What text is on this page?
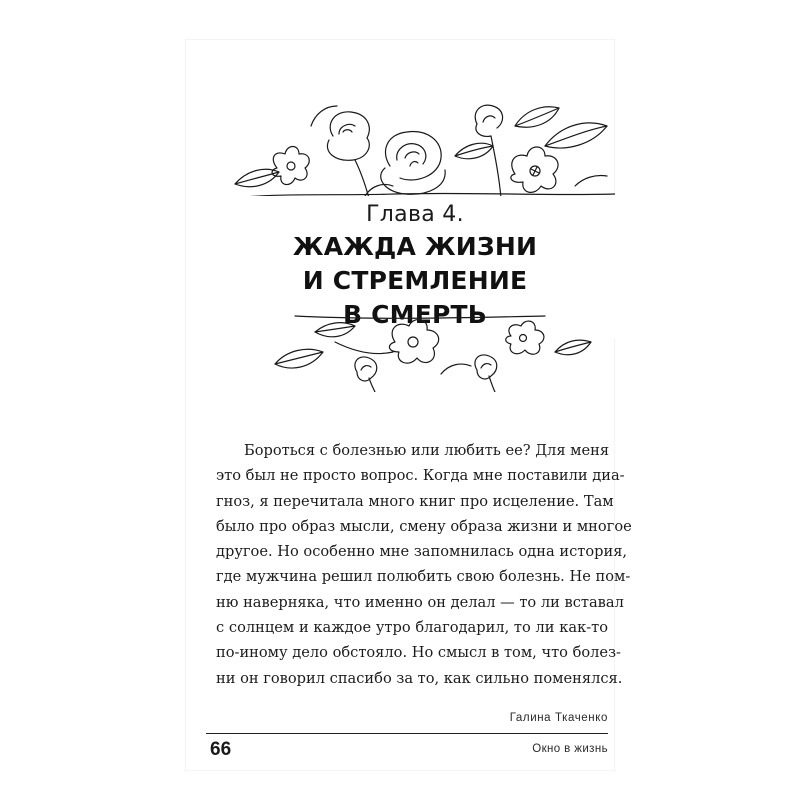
Глава 4.
ЖАЖДА ЖИЗНИ
И СТРЕМЛЕНИЕ
В СМЕРТЬ
Бороться с болезнью или любить ее? Для меня
это был не просто вопрос. Когда мне поставили диа-
гноз, я перечитала много книг про исцеление. Там
было про образ мысли, смену образа жизни и многое
другое. Но особенно мне запомнилась одна история,
где мужчина решил полюбить свою болезнь. Не пом-
ню наверняка, что именно он делал — то ли вставал
с солнцем и каждое утро благодарил, то ли как-то
по-иному дело обстояло. Но смысл в том, что болез-
ни он говорил спасибо за то, как сильно поменялся.
Галина Ткаченко
66	Окно в жизнь
